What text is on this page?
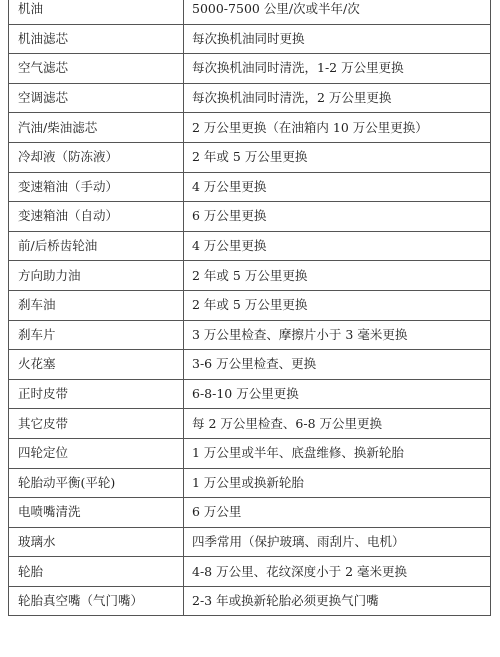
机油	5000-7500 公里/次或半年/次
机油滤芯	每次换机油同时更换
空气滤芯	每次换机油同时清洗，1-2 万公里更换
空调滤芯	每次换机油同时清洗，2 万公里更换
汽油/柴油滤芯	2 万公里更换（在油箱内 10 万公里更换）
冷却液（防冻液）	2 年或 5 万公里更换
变速箱油（手动）	4 万公里更换
变速箱油（自动）	6 万公里更换
前/后桥齿轮油	4 万公里更换
方向助力油	2 年或 5 万公里更换
刹车油	2 年或 5 万公里更换
刹车片	3 万公里检查、摩擦片小于 3 毫米更换
火花塞	3-6 万公里检查、更换
正时皮带	6-8-10 万公里更换
其它皮带	每 2 万公里检查、6-8 万公里更换
四轮定位	1 万公里或半年、底盘维修、换新轮胎
轮胎动平衡(平轮)	1 万公里或换新轮胎
电喷嘴清洗	6 万公里
玻璃水	四季常用（保护玻璃、雨刮片、电机）
轮胎	4-8 万公里、花纹深度小于 2 毫米更换
轮胎真空嘴（气门嘴）	2-3 年或换新轮胎必须更换气门嘴
